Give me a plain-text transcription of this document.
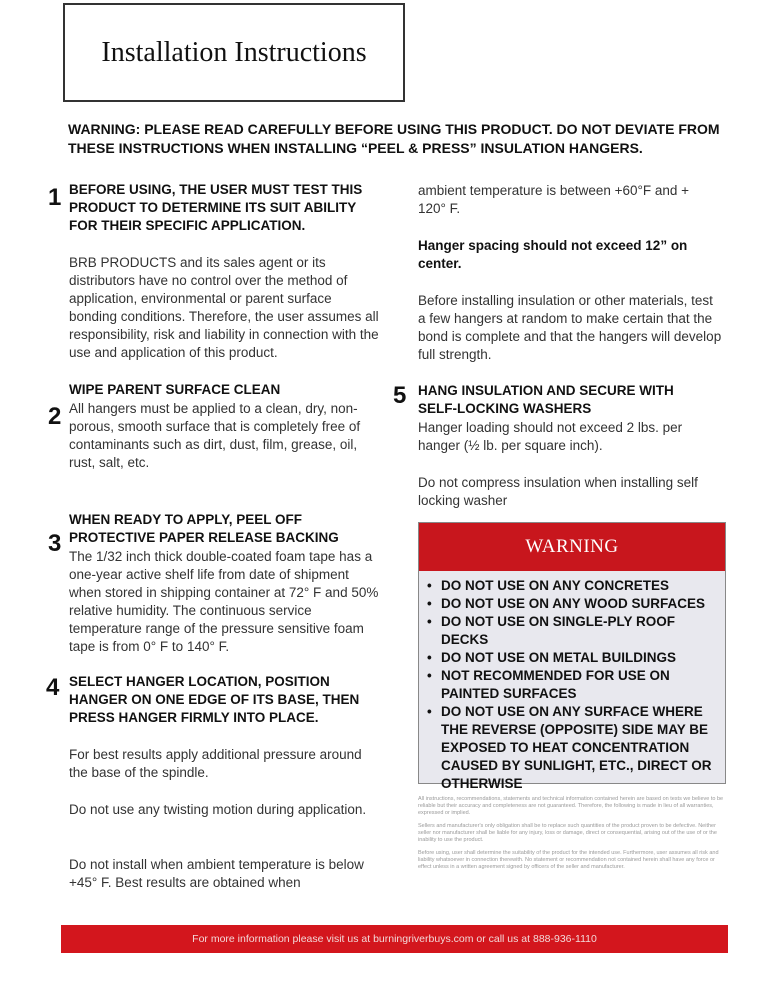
Installation Instructions
WARNING: PLEASE READ CAREFULLY BEFORE USING THIS PRODUCT. DO NOT DEVIATE FROM THESE INSTRUCTIONS WHEN INSTALLING “PEEL & PRESS” INSULATION HANGERS.
1 BEFORE USING, THE USER MUST TEST THIS PRODUCT TO DETERMINE ITS SUIT ABILITY FOR THEIR SPECIFIC APPLICATION.
BRB PRODUCTS and its sales agent or its distributors have no control over the method of application, environmental or parent surface bonding conditions. Therefore, the user assumes all responsibility, risk and liability in connection with the use and application of this product.
2
WIPE PARENT SURFACE CLEAN
All hangers must be applied to a clean, dry, non-porous, smooth surface that is completely free of contaminants such as dirt, dust, film, grease, oil, rust, salt, etc.
3
WHEN READY TO APPLY, PEEL OFF PROTECTIVE PAPER RELEASE BACKING
The 1/32 inch thick double-coated foam tape has a one-year active shelf life from date of shipment when stored in shipping container at 72° F and 50% relative humidity. The continuous service temperature range of the pressure sensitive foam tape is from 0° F to 140° F.
4 SELECT HANGER LOCATION, POSITION HANGER ON ONE EDGE OF ITS BASE, THEN PRESS HANGER FIRMLY INTO PLACE.
For best results apply additional pressure around the base of the spindle.
Do not use any twisting motion during application.
Do not install when ambient temperature is below +45° F. Best results are obtained when
ambient temperature is between +60°F and + 120° F.
Hanger spacing should not exceed 12” on center.
Before installing insulation or other materials, test a few hangers at random to make certain that the bond is complete and that the hangers will develop full strength.
5 HANG INSULATION AND SECURE WITH SELF-LOCKING WASHERS
Hanger loading should not exceed 2 lbs. per hanger (½ lb. per square inch).
Do not compress insulation when installing self locking washer
WARNING
• DO NOT USE ON ANY CONCRETES
• DO NOT USE ON ANY WOOD SURFACES
• DO NOT USE ON SINGLE-PLY ROOF DECKS
• DO NOT USE ON METAL BUILDINGS
• NOT RECOMMENDED FOR USE ON PAINTED SURFACES
• DO NOT USE ON ANY SURFACE WHERE THE REVERSE (OPPOSITE) SIDE MAY BE EXPOSED TO HEAT CONCENTRATION CAUSED BY SUNLIGHT, ETC., DIRECT OR OTHERWISE

All instructions, recommendations, statements and technical information contained herein are based on tests we believe to be reliable but their accuracy and completeness are not guaranteed. Therefore, the following is made in lieu of all warranties, expressed or implied.

Sellers and manufacturer's only obligation shall be to replace such quantities of the product proven to be defective. Neither seller nor manufacturer shall be liable for any injury, loss or damage, direct or consequential, arising out of the use of or the inability to use the product.

Before using, user shall determine the suitability of the product for the intended use. Furthermore, user assumes all risk and liability whatsoever in connection therewith. No statement or recommendation not contained herein shall have any force or effect unless in a written agreement signed by officers of the seller and manufacturer.

For more information please visit us at burningriverbuys.com or call us at 888-936-1110
